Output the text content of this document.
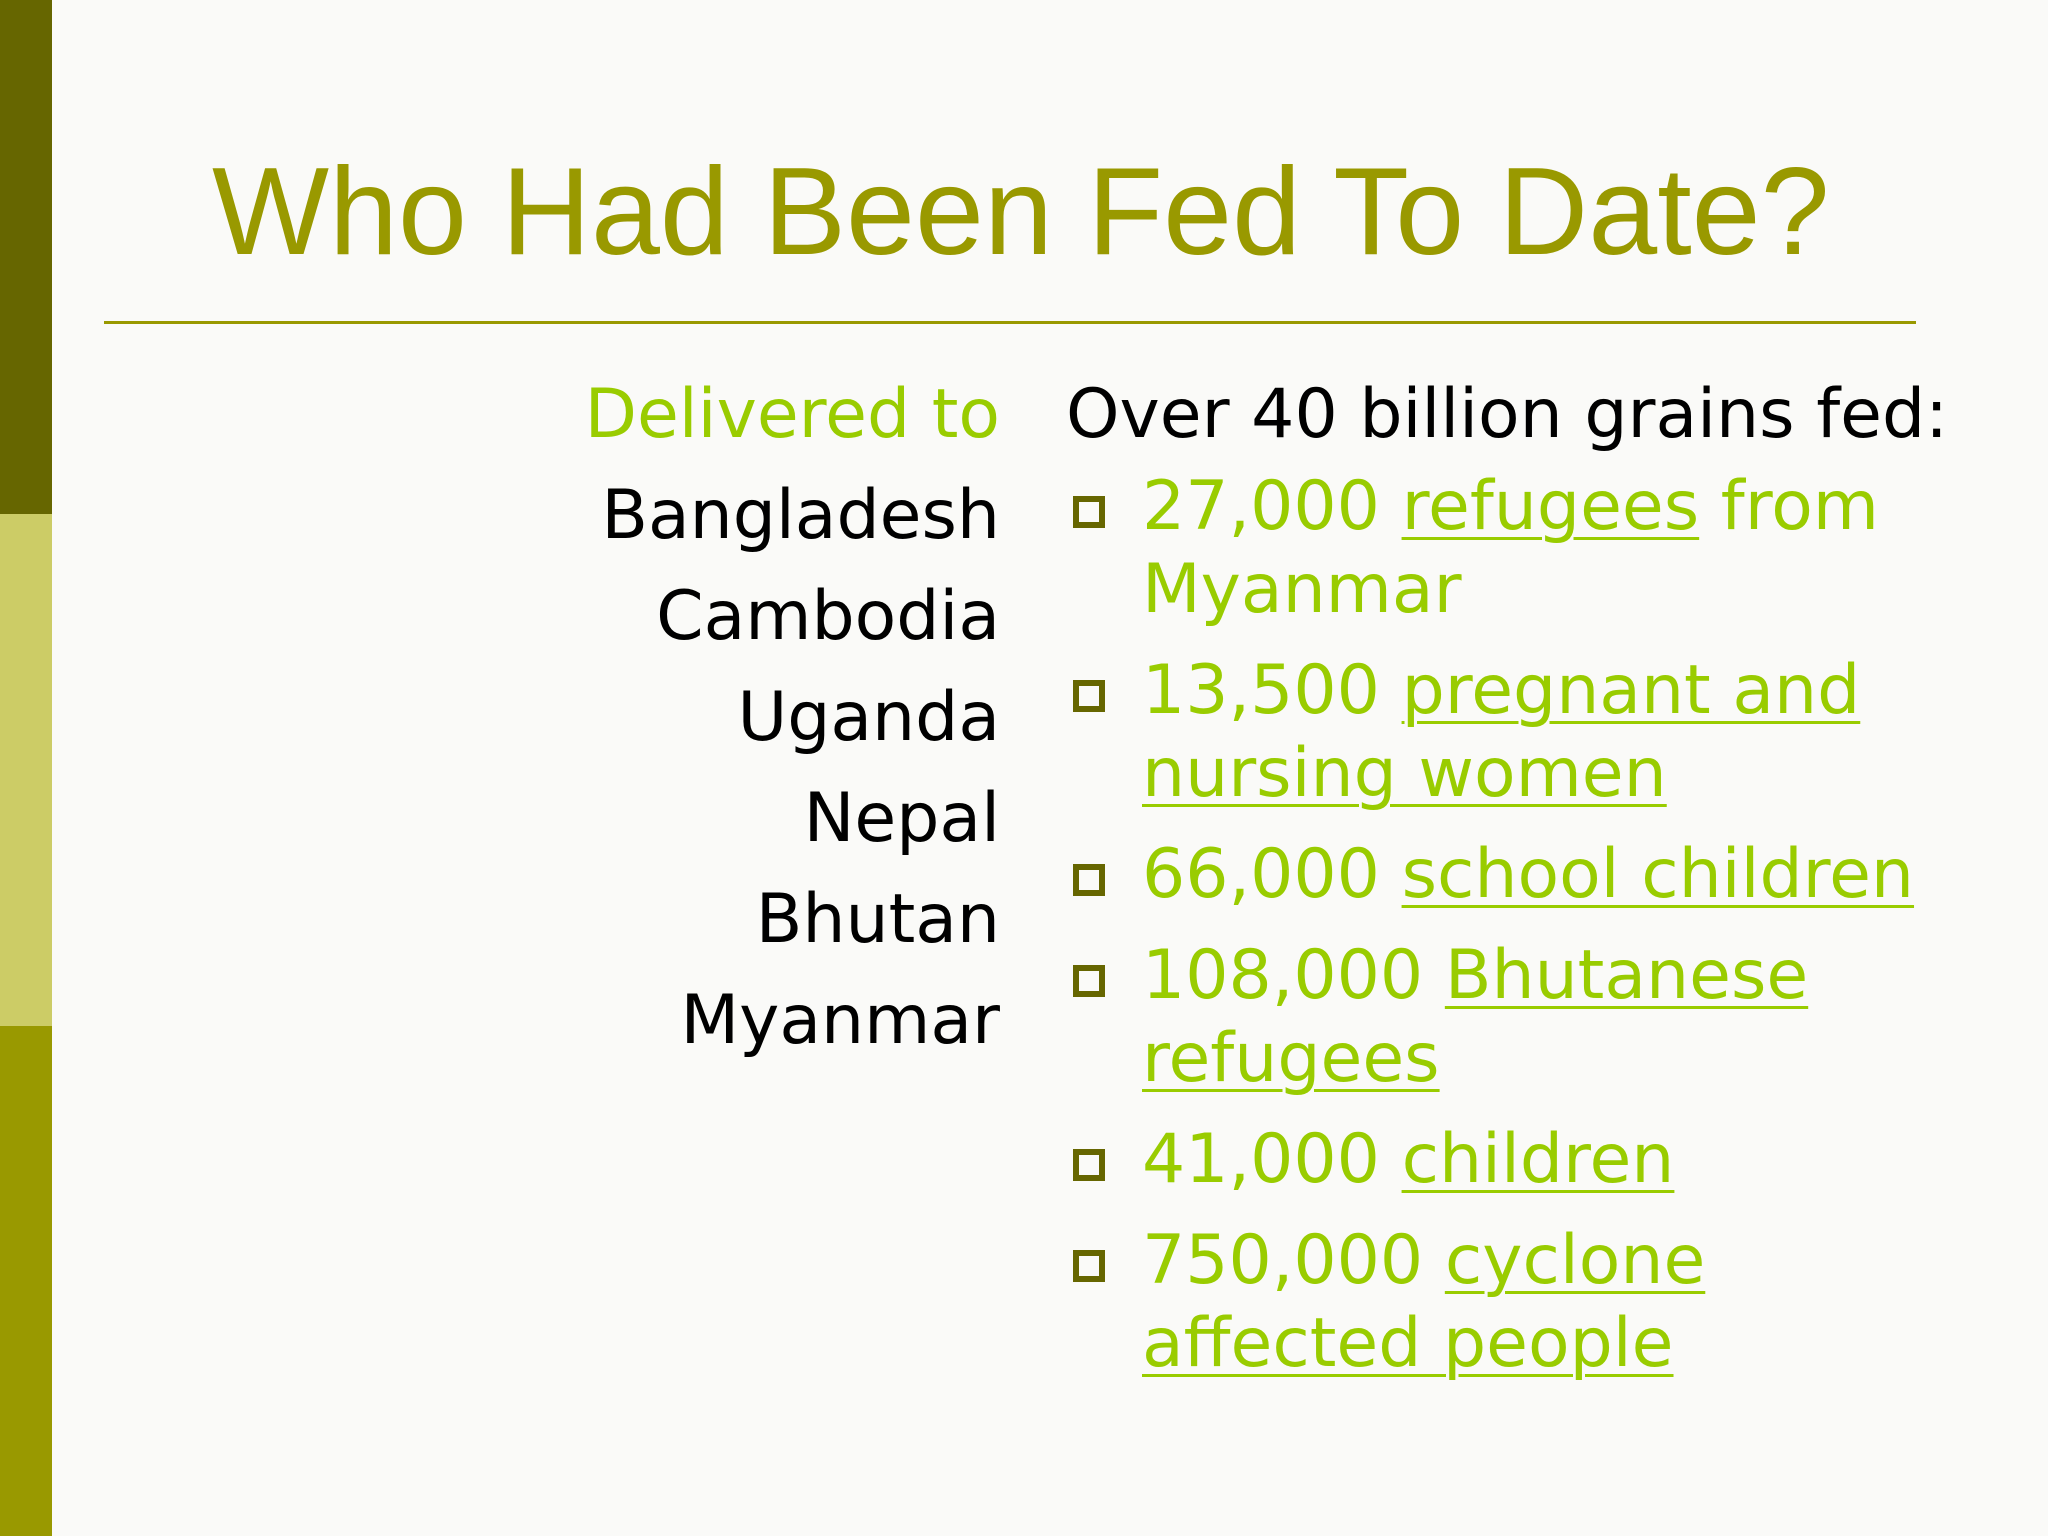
Who Had Been Fed To Date?
Delivered to
Bangladesh
Cambodia
Uganda
Nepal
Bhutan
Myanmar

Over 40 billion grains fed:

27,000 refugees from Myanmar
13,500 pregnant and nursing women
66,000 school children
108,000 Bhutanese refugees
41,000 children
750,000 cyclone affected people
